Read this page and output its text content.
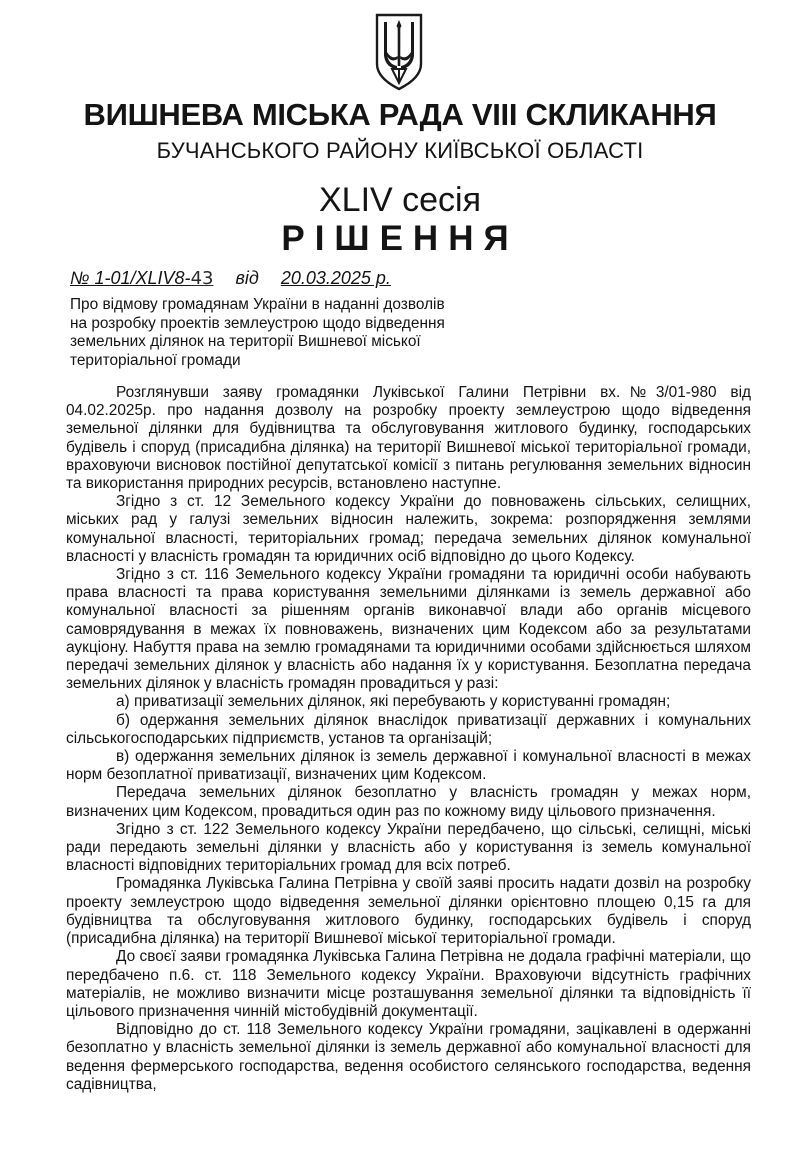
ВИШНЕВА МІСЬКА РАДА VIII СКЛИКАННЯ
БУЧАНСЬКОГО РАЙОНУ КИЇВСЬКОЇ ОБЛАСТІ
XLIV сесія
РІШЕННЯ
№ 1-01/XLIV8-43 від 20.03.2025 р.

Про відмову громадянам України в наданні дозволів

на розробку проектів землеустрою щодо відведення

земельних ділянок на території Вишневої міської

територіальної громади

Розглянувши заяву громадянки Луківської Галини Петрівни вх.№3/01-980 від 04.02.2025р. про надання дозволу на розробку проекту землеустрою щодо відведення земельної ділянки для будівництва та обслуговування житлового будинку, господарських будівель і споруд (присадибна ділянка) на території Вишневої міської територіальної громади, враховуючи висновок постійної депутатської комісії з питань регулювання земельних відносин та використання природних ресурсів, встановлено наступне.

Згідно з ст. 12 Земельного кодексу України до повноважень сільських, селищних, міських рад у галузі земельних відносин належить, зокрема: розпорядження землями комунальної власності, територіальних громад; передача земельних ділянок комунальної власності у власність громадян та юридичних осіб відповідно до цього Кодексу.

Згідно з ст. 116 Земельного кодексу України громадяни та юридичні особи набувають права власності та права користування земельними ділянками із земель державної або комунальної власності за рішенням органів виконавчої влади або органів місцевого самоврядування в межах їх повноважень, визначених цим Кодексом або за результатами аукціону. Набуття права на землю громадянами та юридичними особами здійснюється шляхом передачі земельних ділянок у власність або надання їх у користування. Безоплатна передача земельних ділянок у власність громадян провадиться у разі:

а) приватизації земельних ділянок, які перебувають у користуванні громадян;

б) одержання земельних ділянок внаслідок приватизації державних і комунальних сільськогосподарських підприємств, установ та організацій;

в) одержання земельних ділянок із земель державної і комунальної власності в межах норм безоплатної приватизації, визначених цим Кодексом.

Передача земельних ділянок безоплатно у власність громадян у межах норм, визначених цим Кодексом, провадиться один раз по кожному виду цільового призначення.

Згідно з ст. 122 Земельного кодексу України передбачено, що сільські, селищні, міські ради передають земельні ділянки у власність або у користування із земель комунальної власності відповідних територіальних громад для всіх потреб.

Громадянка Луківська Галина Петрівна у своїй заяві просить надати дозвіл на розробку проекту землеустрою щодо відведення земельної ділянки орієнтовно площею 0,15 га для будівництва та обслуговування житлового будинку, господарських будівель і споруд (присадибна ділянка) на території Вишневої міської територіальної громади.

До своєї заяви громадянка Луківська Галина Петрівна не додала графічні матеріали, що передбачено п.6. ст. 118 Земельного кодексу України. Враховуючи відсутність графічних матеріалів, не можливо визначити місце розташування земельної ділянки та відповідність її цільового призначення чинній містобудівній документації.

Відповідно до ст. 118 Земельного кодексу України громадяни, зацікавлені в одержанні безоплатно у власність земельної ділянки із земель державної або комунальної власності для ведення фермерського господарства, ведення особистого селянського господарства, ведення садівництва,
